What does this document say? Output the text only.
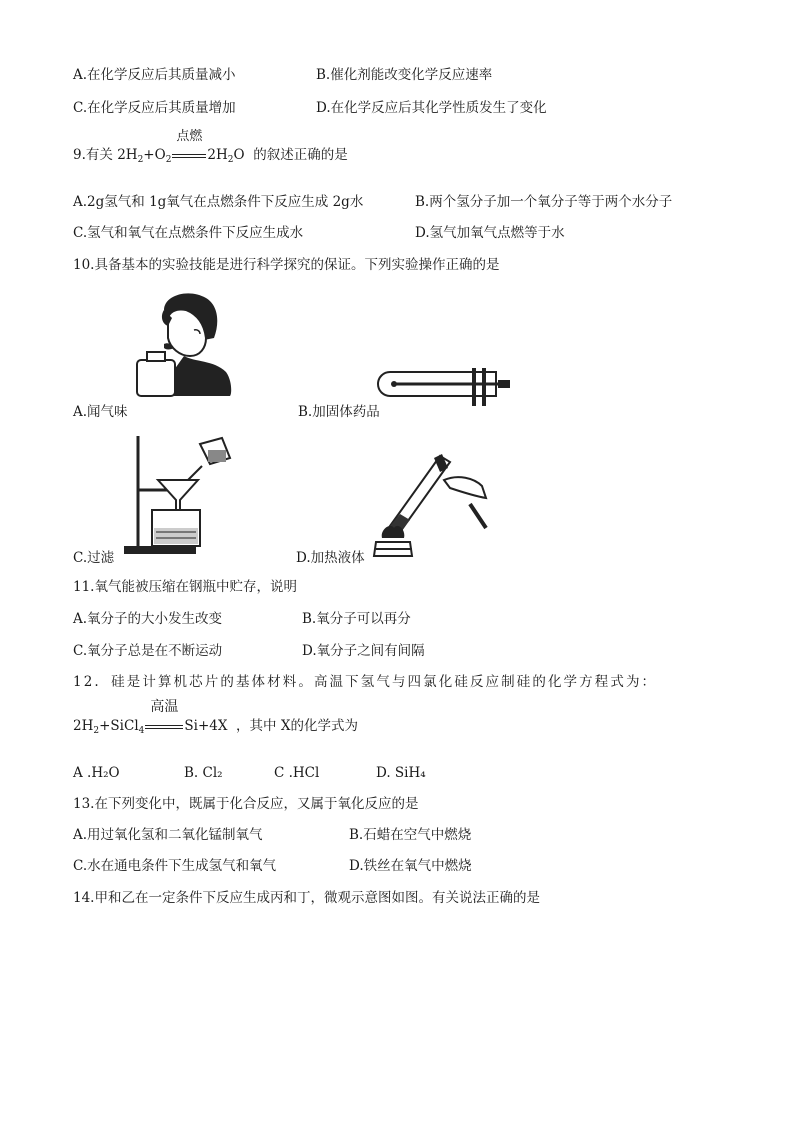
A.在化学反应后其质量减小	B.催化剂能改变化学反应速率
C.在化学反应后其质量增加	D.在化学反应后其化学性质发生了变化
9.有关 $2H_2+O_2$
点燃
$2H_2O$ 的叙述正确的是
A.2g氢气和 1g氧气在点燃条件下反应生成 2g水	B.两个氢分子加一个氧分子等于两个水分子
C.氢气和氧气在点燃条件下反应生成水	D.氢气加氧气点燃等于水
10.具备基本的实验技能是进行科学探究的保证。下列实验操作正确的是
A.闻气味	B.加固体药品
C.过滤	D.加热液体
11.氧气能被压缩在钢瓶中贮存，说明
A.氧分子的大小发生改变	B.氧分子可以再分
C.氧分子总是在不断运动	D.氧分子之间有间隔
12. 硅是计算机芯片的基体材料。高温下氢气与四氯化硅反应制硅的化学方程式为：
$2H_2+SiCl_4$
高温
Si+4X ，其中 X的化学式为
A .H₂O	B. Cl₂	C .HCl	D. SiH₄
13.在下列变化中，既属于化合反应，又属于氧化反应的是
A.用过氧化氢和二氧化锰制氧气	B.石蜡在空气中燃烧
C.水在通电条件下生成氢气和氧气	D.铁丝在氧气中燃烧
14.甲和乙在一定条件下反应生成丙和丁，微观示意图如图。有关说法正确的是
